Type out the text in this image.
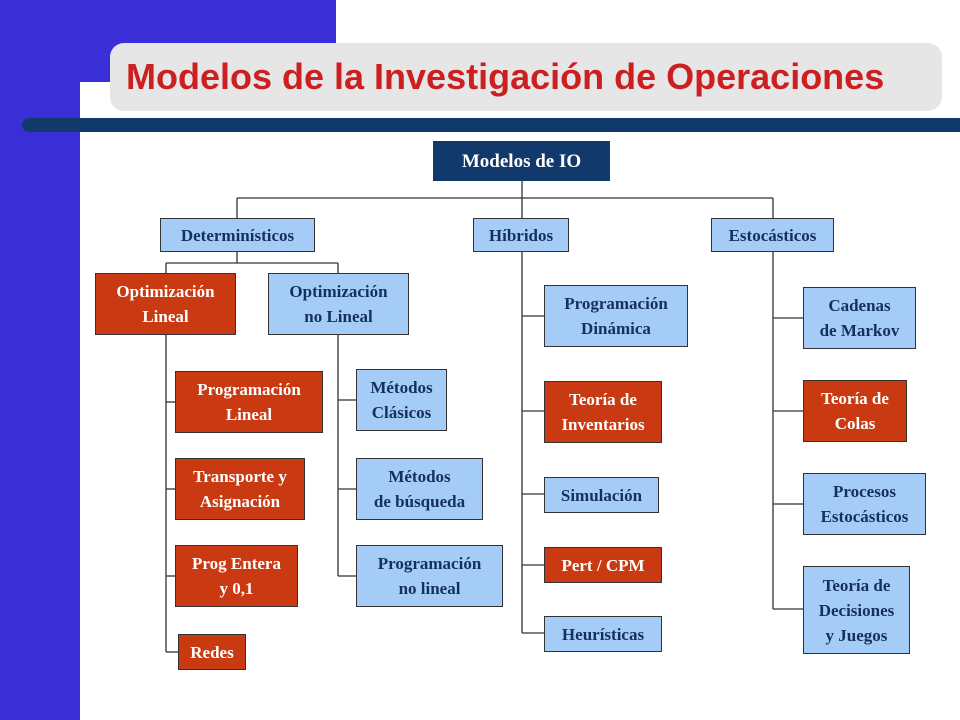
Modelos de la Investigación de Operaciones
Modelos de IO
Determinísticos	Híbridos	Estocásticos
Optimización
Lineal
Optimización
no Lineal
Programación
Lineal
Transporte y
Asignación
Prog Entera
y 0,1
Redes
Métodos
Clásicos
Métodos
de búsqueda
Programación
no lineal
Programación
Dinámica
Teoría de
Inventarios
Simulación
Pert / CPM
Heurísticas
Cadenas
de Markov
Teoría de
Colas
Procesos
Estocásticos
Teoría de
Decisiones
y Juegos
